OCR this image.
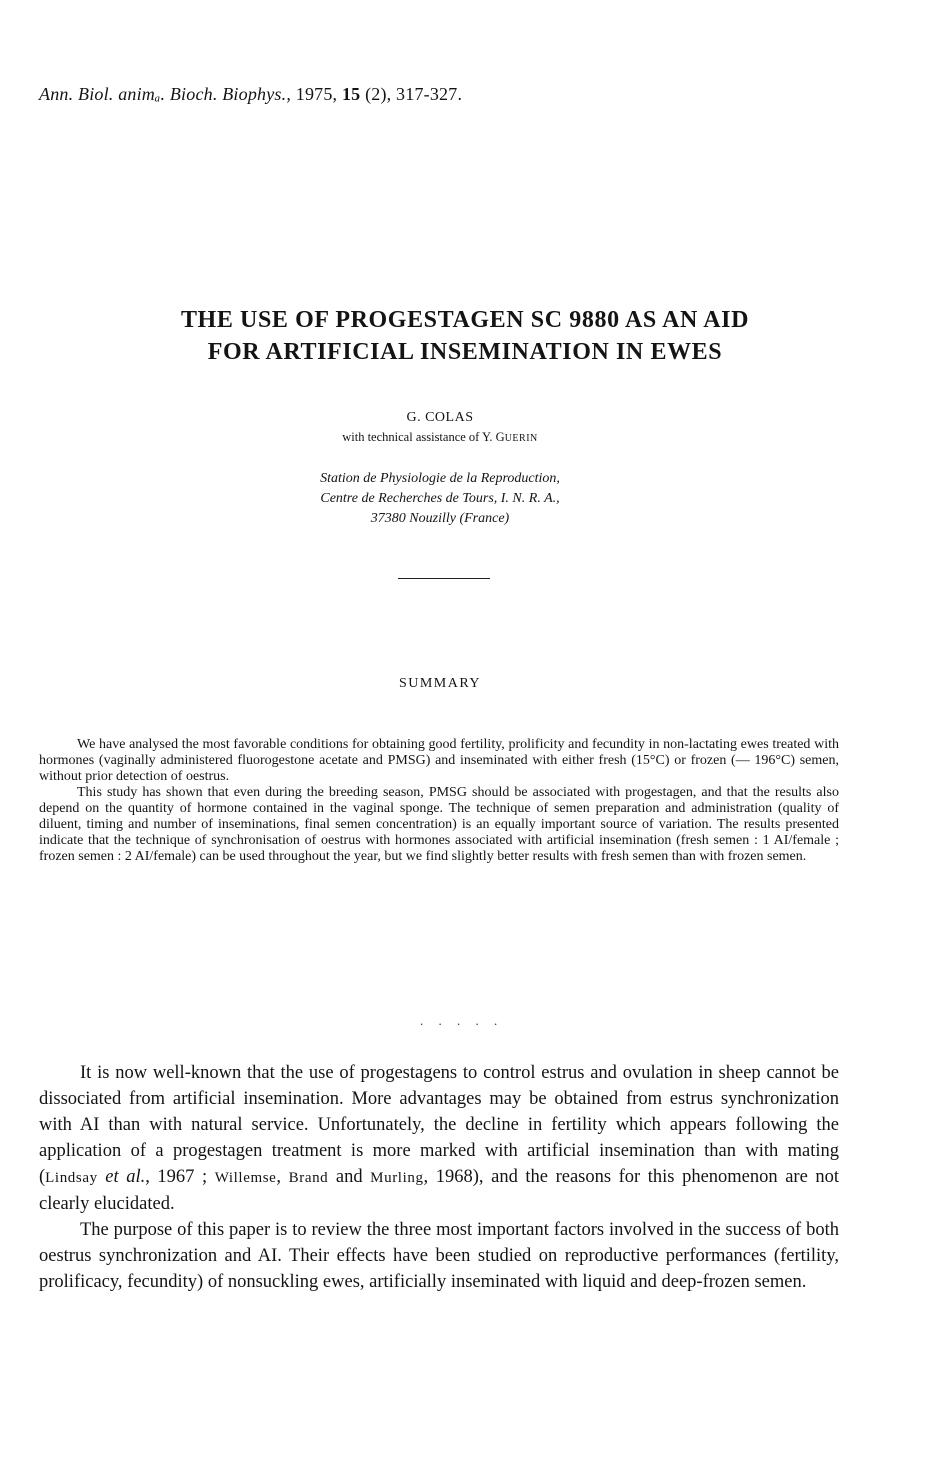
Ann. Biol. animₐ. Bioch. Biophys., 1975, 15 (2), 317-327.
THE USE OF PROGESTAGEN SC 9880 AS AN AID
FOR ARTIFICIAL INSEMINATION IN EWES
G. COLAS
with technical assistance of Y. GUERIN
Station de Physiologie de la Reproduction,
Centre de Recherches de Tours, I. N. R. A.,
37380 Nouzilly (France)
SUMMARY

We have analysed the most favorable conditions for obtaining good fertility, prolificity and fecundity in non-lactating ewes treated with hormones (vaginally administered fluorogestone acetate and PMSG) and inseminated with either fresh (15°C) or frozen (— 196°C) semen, without prior detection of oestrus.

This study has shown that even during the breeding season, PMSG should be associated with progestagen, and that the results also depend on the quantity of hormone contained in the vaginal sponge. The technique of semen preparation and administration (quality of diluent, timing and number of inseminations, final semen concentration) is an equally important source of variation. The results presented indicate that the technique of synchronisation of oestrus with hormones associated with artificial insemination (fresh semen : 1 AI/female ; frozen semen : 2 AI/female) can be used throughout the year, but we find slightly better results with fresh semen than with frozen semen.

. . . . .

It is now well-known that the use of progestagens to control estrus and ovulation in sheep cannot be dissociated from artificial insemination. More advantages may be obtained from estrus synchronization with AI than with natural service. Unfortunately, the decline in fertility which appears following the application of a progestagen treatment is more marked with artificial insemination than with mating (Lindsay et al., 1967 ; Willemse, Brand and Murling, 1968), and the reasons for this phenomenon are not clearly elucidated.

The purpose of this paper is to review the three most important factors involved in the success of both oestrus synchronization and AI. Their effects have been studied on reproductive performances (fertility, prolificacy, fecundity) of nonsuckling ewes, artificially inseminated with liquid and deep-frozen semen.
